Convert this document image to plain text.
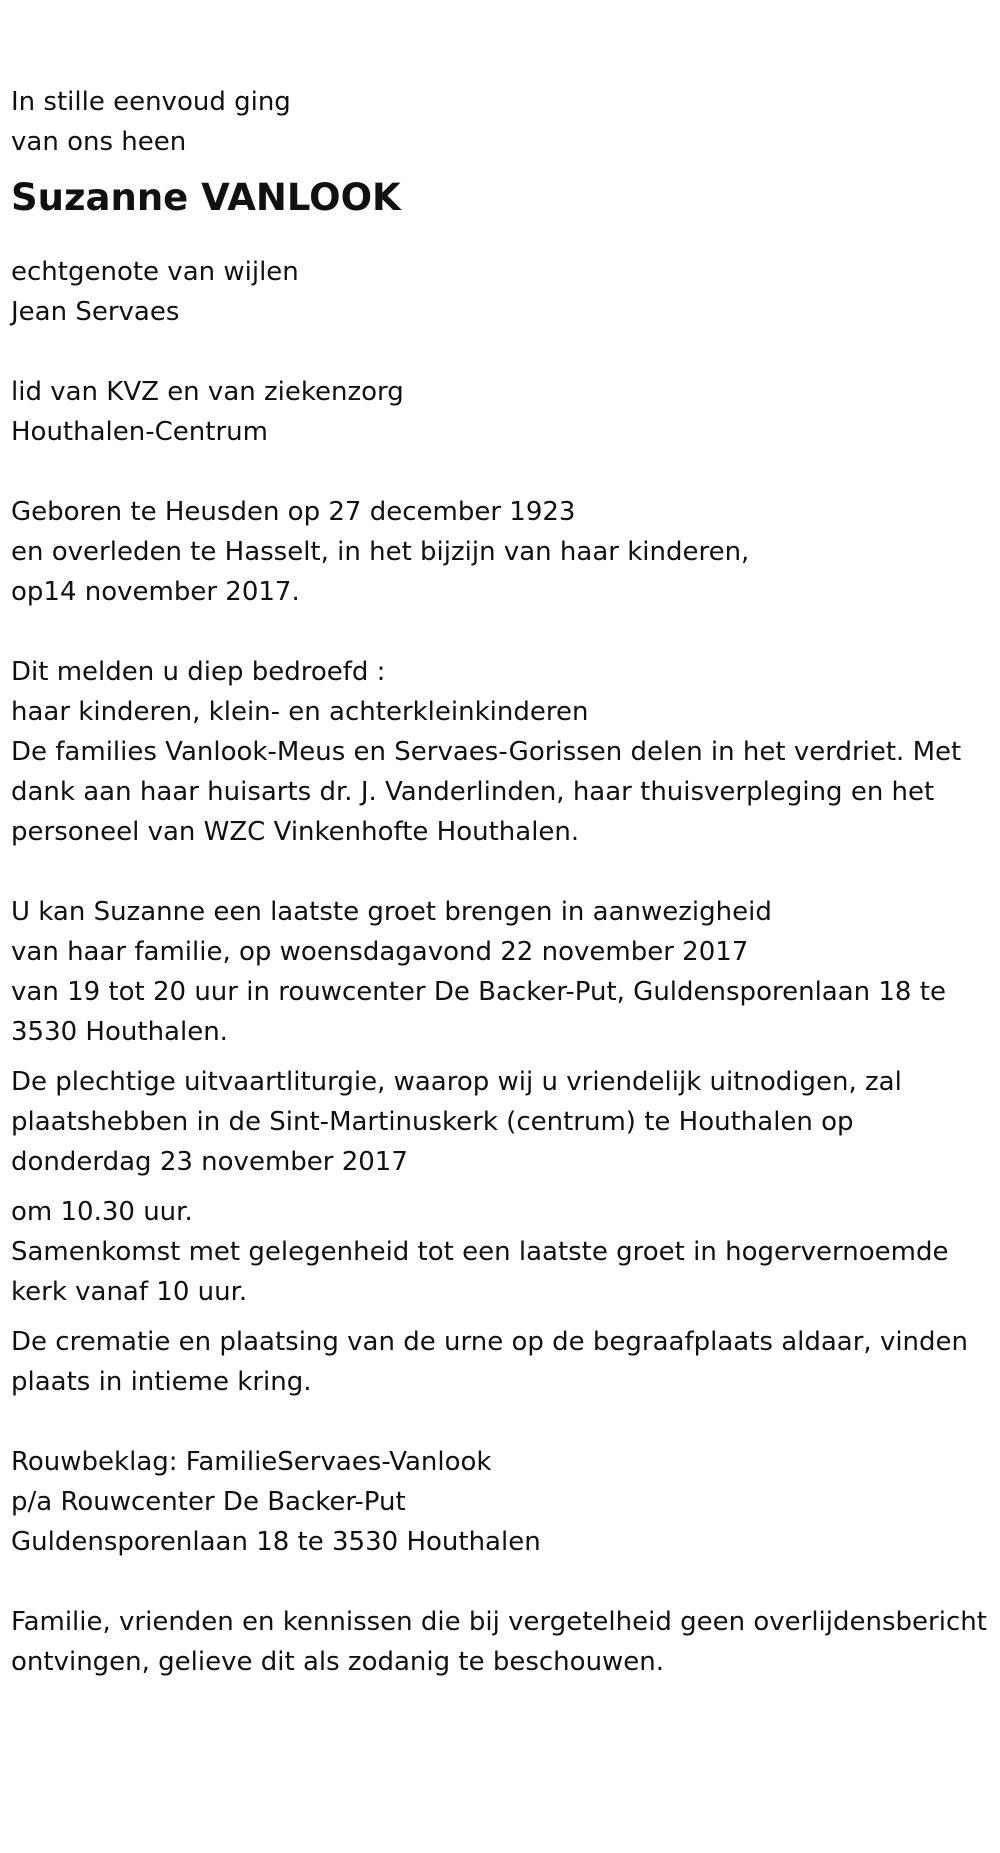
In stille eenvoud ging
van ons heen
Suzanne VANLOOK
echtgenote van wijlen
Jean Servaes
lid van KVZ en van ziekenzorg
Houthalen-Centrum
Geboren te Heusden op 27 december 1923
en overleden te Hasselt, in het bijzijn van haar kinderen,
op14 november 2017.
Dit melden u diep bedroefd :
haar kinderen, klein- en achterkleinkinderen
De families Vanlook-Meus en Servaes-Gorissen delen in het verdriet. Met dank aan haar huisarts dr. J. Vanderlinden, haar thuisverpleging en het personeel van WZC Vinkenhofte Houthalen.
U kan Suzanne een laatste groet brengen in aanwezigheid
van haar familie, op woensdagavond 22 november 2017
van 19 tot 20 uur in rouwcenter De Backer-Put, Guldensporenlaan 18 te 3530 Houthalen.
De plechtige uitvaartliturgie, waarop wij u vriendelijk uitnodigen, zal plaatshebben in de Sint-Martinuskerk (centrum) te Houthalen op donderdag 23 november 2017
om 10.30 uur.
Samenkomst met gelegenheid tot een laatste groet in hogervernoemde kerk vanaf 10 uur.
De crematie en plaatsing van de urne op de begraafplaats aldaar, vinden plaats in intieme kring.
Rouwbeklag: FamilieServaes-Vanlook
p/a Rouwcenter De Backer-Put
Guldensporenlaan 18 te 3530 Houthalen
Familie, vrienden en kennissen die bij vergetelheid geen overlijdensbericht ontvingen, gelieve dit als zodanig te beschouwen.
